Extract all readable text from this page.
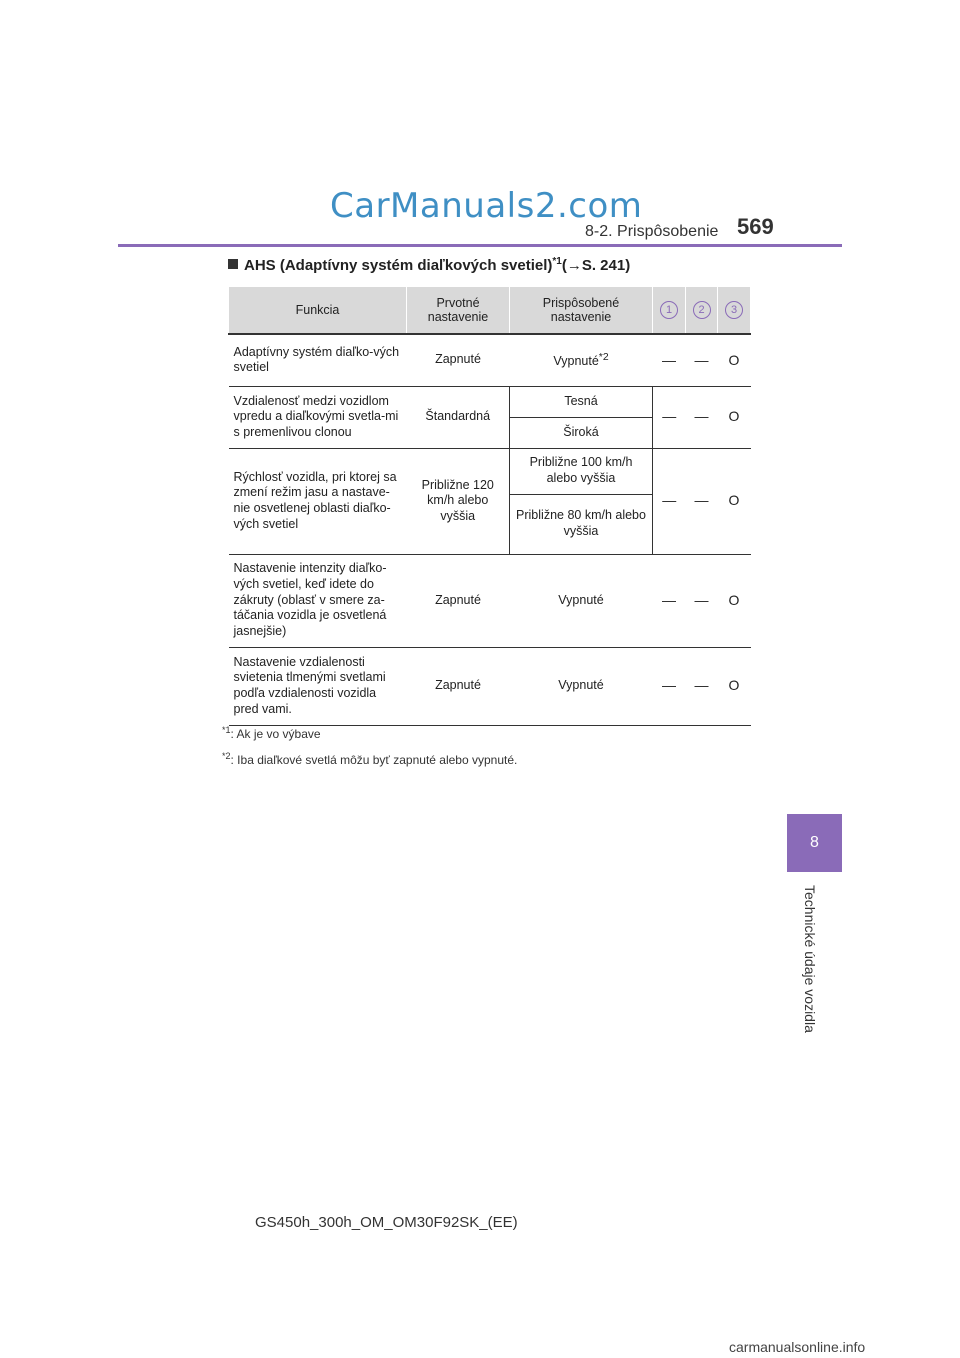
CarManuals2.com
8-2. Prispôsobenie 569
8
Technické údaje vozidla
AHS (Adaptívny systém diaľkových svetiel)$^{*1}$(→S. 241)
Funkcia	Prvotné nastavenie	Prispôsobené nastavenie	1	2	3
Adaptívny systém diaľko-vých svetiel	Zapnuté	Vypnuté$^{*2}$	—	—	O
Vzdialenosť medzi vozidlom vpredu a diaľkovými svetla-mi s premenlivou clonou	Štandardná	Tesná	—	—	O
		Široká			
Rýchlosť vozidla, pri ktorej sa zmení režim jasu a nastave-nie osvetlenej oblasti diaľko-vých svetiel	Približne 120 km/h alebo vyššia	Približne 100 km/h alebo vyššia	—	—	O
		Približne 80 km/h alebo vyššia			
Nastavenie intenzity diaľko-vých svetiel, keď idete do zákruty (oblasť v smere za-táčania vozidla je osvetlená jasnejšie)	Zapnuté	Vypnuté	—	—	O
Nastavenie vzdialenosti svietenia tlmenými svetlami podľa vzdialenosti vozidla pred vami.	Zapnuté	Vypnuté	—	—	O
$^{*1}$: Ak je vo výbave
$^{*2}$: Iba diaľkové svetlá môžu byť zapnuté alebo vypnuté.
GS450h_300h_OM_OM30F92SK_(EE)
carmanualsonline.info
